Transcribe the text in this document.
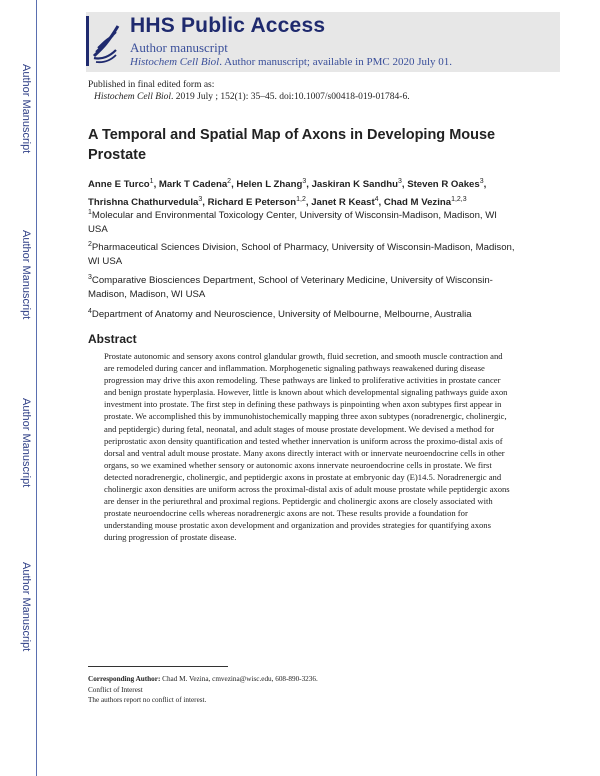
Author Manuscript
Author Manuscript
Author Manuscript
Author Manuscript
HHS Public Access
Author manuscript
Histochem Cell Biol. Author manuscript; available in PMC 2020 July 01.
Published in final edited form as:
Histochem Cell Biol. 2019 July ; 152(1): 35–45. doi:10.1007/s00418-019-01784-6.
A Temporal and Spatial Map of Axons in Developing Mouse Prostate
Anne E Turco$^1$, Mark T Cadena$^2$, Helen L Zhang$^3$, Jaskiran K Sandhu$^3$, Steven R Oakes$^3$, Thrishna Chathurvedula$^3$, Richard E Peterson$^{1,2}$, Janet R Keast$^4$, Chad M Vezina$^{1,2,3}$
$^1$Molecular and Environmental Toxicology Center, University of Wisconsin-Madison, Madison, WI USA
$^2$Pharmaceutical Sciences Division, School of Pharmacy, University of Wisconsin-Madison, Madison, WI USA
$^3$Comparative Biosciences Department, School of Veterinary Medicine, University of Wisconsin-Madison, Madison, WI USA
$^4$Department of Anatomy and Neuroscience, University of Melbourne, Melbourne, Australia
Abstract
Prostate autonomic and sensory axons control glandular growth, fluid secretion, and smooth muscle contraction and are remodeled during cancer and inflammation. Morphogenetic signaling pathways reawakened during disease progression may drive this axon remodeling. These pathways are linked to proliferative activities in prostate cancer and benign prostate hyperplasia. However, little is known about which developmental signaling pathways guide axon investment into prostate. The first step in defining these pathways is pinpointing when axon subtypes first appear in prostate. We accomplished this by immunohistochemically mapping three axon subtypes (noradrenergic, cholinergic, and peptidergic) during fetal, neonatal, and adult stages of mouse prostate development. We devised a method for periprostatic axon density quantification and tested whether innervation is uniform across the proximo-distal axis of dorsal and ventral adult mouse prostate. Many axons directly interact with or innervate neuroendocrine cells in other organs, so we examined whether sensory or autonomic axons innervate neuroendocrine cells in prostate. We first detected noradrenergic, cholinergic, and peptidergic axons in prostate at embryonic day (E)14.5. Noradrenergic and cholinergic axon densities are uniform across the proximal-distal axis of adult mouse prostate while peptidergic axons are denser in the periurethral and proximal regions. Peptidergic and cholinergic axons are closely associated with prostate neuroendocrine cells whereas noradrenergic axons are not. These results provide a foundation for understanding mouse prostatic axon development and organization and provides strategies for quantifying axons during progression of prostate disease.
Corresponding Author: Chad M. Vezina, cmvezina@wisc.edu, 608-890-3236.
Conflict of Interest
The authors report no conflict of interest.
